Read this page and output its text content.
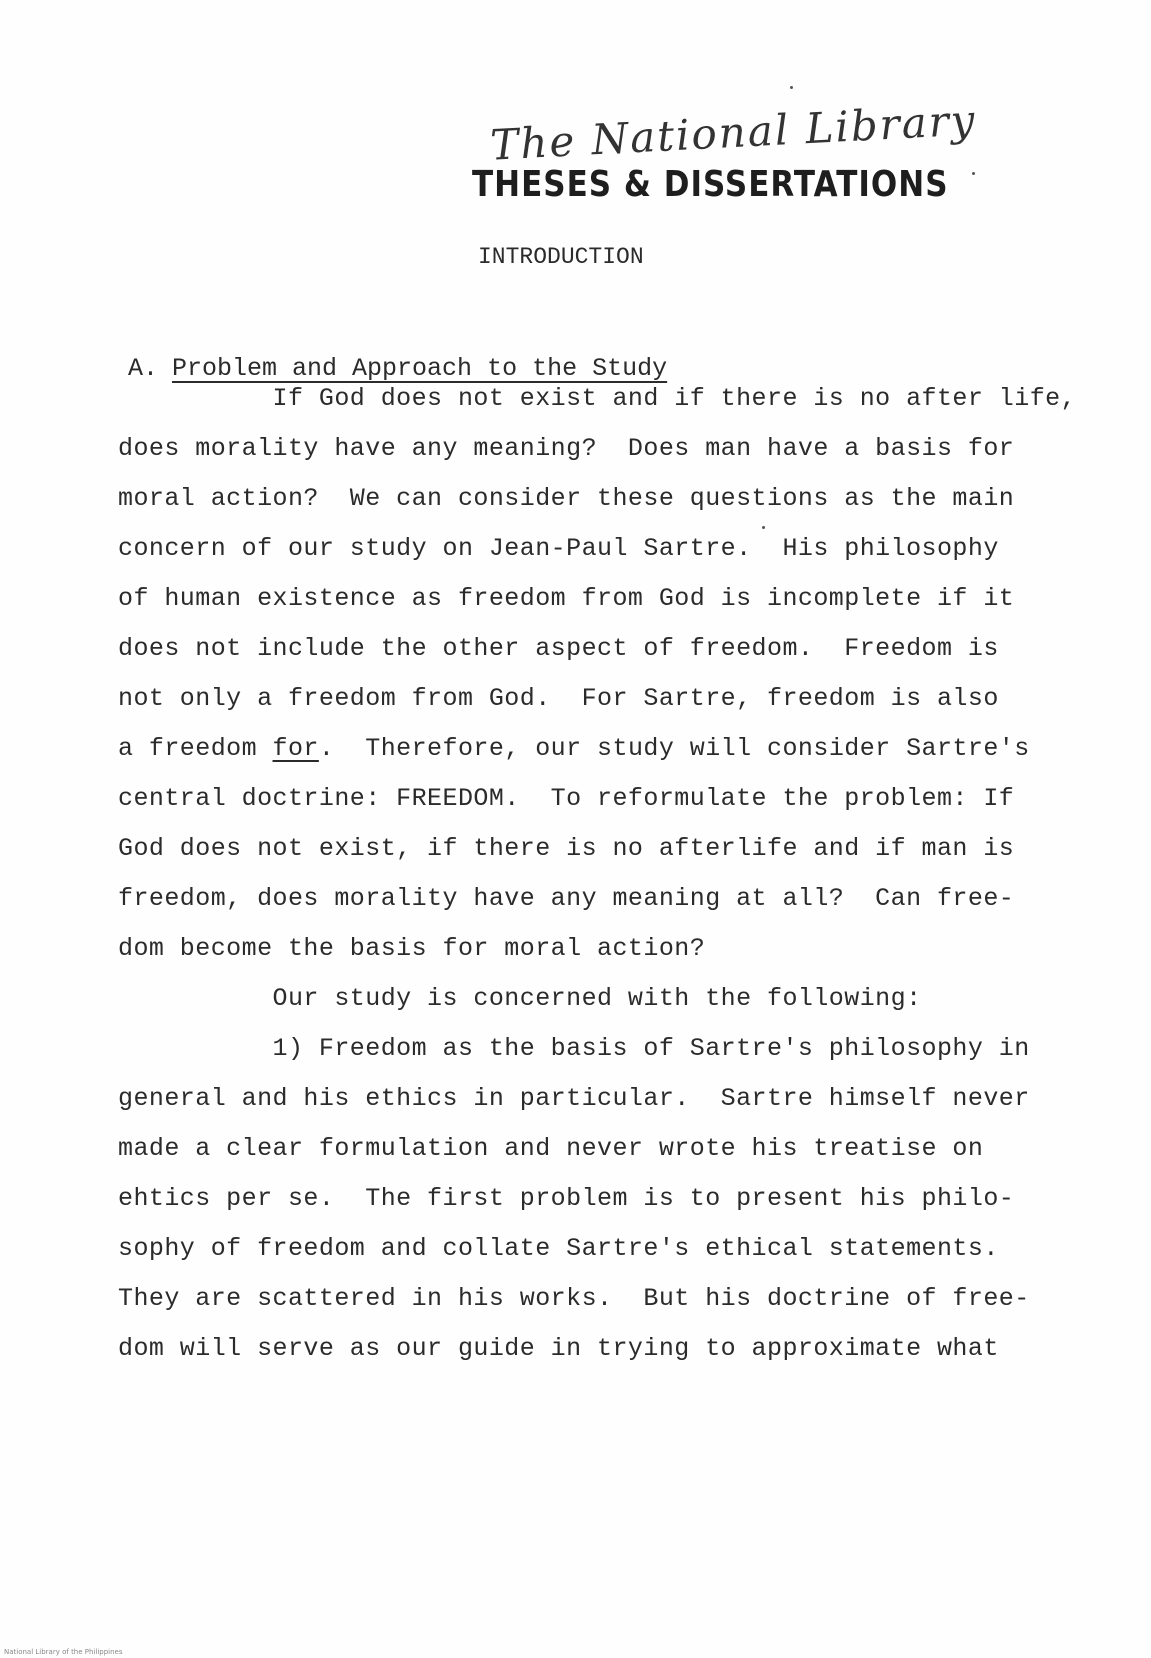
The National Library
THESES & DISSERTATIONS
INTRODUCTION
A. Problem and Approach to the Study
If God does not exist and if there is no after life,
does morality have any meaning?  Does man have a basis for
moral action?  We can consider these questions as the main
concern of our study on Jean-Paul Sartre.  His philosophy
of human existence as freedom from God is incomplete if it
does not include the other aspect of freedom.  Freedom is
not only a freedom from God.  For Sartre, freedom is also
a freedom for.  Therefore, our study will consider Sartre's
central doctrine: FREEDOM.  To reformulate the problem: If
God does not exist, if there is no afterlife and if man is
freedom, does morality have any meaning at all?  Can free-
dom become the basis for moral action?
Our study is concerned with the following:
1) Freedom as the basis of Sartre's philosophy in
general and his ethics in particular.  Sartre himself never
made a clear formulation and never wrote his treatise on
ehtics per se.  The first problem is to present his philo-
sophy of freedom and collate Sartre's ethical statements.
They are scattered in his works.  But his doctrine of free-
dom will serve as our guide in trying to approximate what
National Library of the Philippines
